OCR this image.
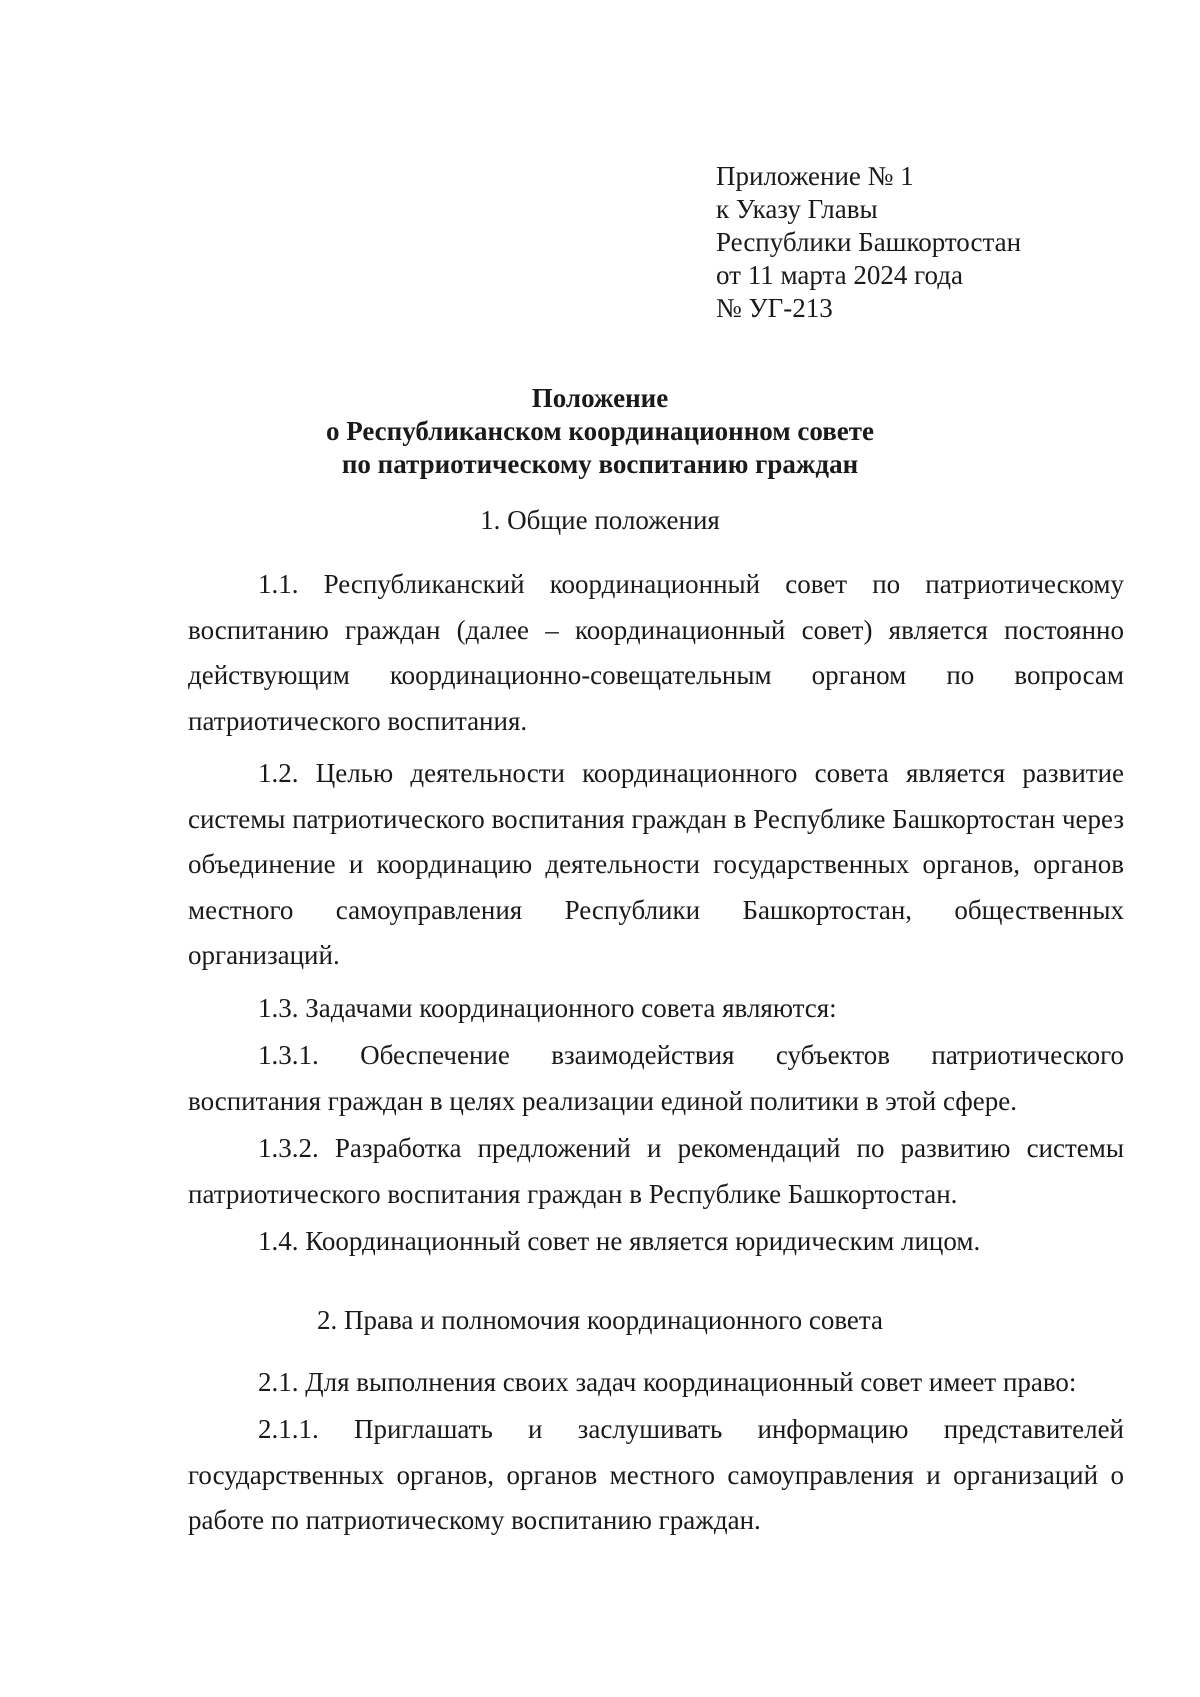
Приложение № 1
к Указу Главы
Республики Башкортостан
от 11 марта 2024 года
№ УГ-213
Положение
о Республиканском координационном совете
по патриотическому воспитанию граждан
1. Общие положения

1.1. Республиканский координационный совет по патриотическому воспитанию граждан (далее – координационный совет) является постоянно действующим координационно-совещательным органом по вопросам патриотического воспитания.

1.2. Целью деятельности координационного совета является развитие системы патриотического воспитания граждан в Республике Башкортостан через объединение и координацию деятельности государственных органов, органов местного самоуправления Республики Башкортостан, общественных организаций.

1.3. Задачами координационного совета являются:

1.3.1. Обеспечение взаимодействия субъектов патриотического воспитания граждан в целях реализации единой политики в этой сфере.

1.3.2. Разработка предложений и рекомендаций по развитию системы патриотического воспитания граждан в Республике Башкортостан.

1.4. Координационный совет не является юридическим лицом.

2. Права и полномочия координационного совета

2.1. Для выполнения своих задач координационный совет имеет право:

2.1.1. Приглашать и заслушивать информацию представителей государственных органов, органов местного самоуправления и организаций о работе по патриотическому воспитанию граждан.
